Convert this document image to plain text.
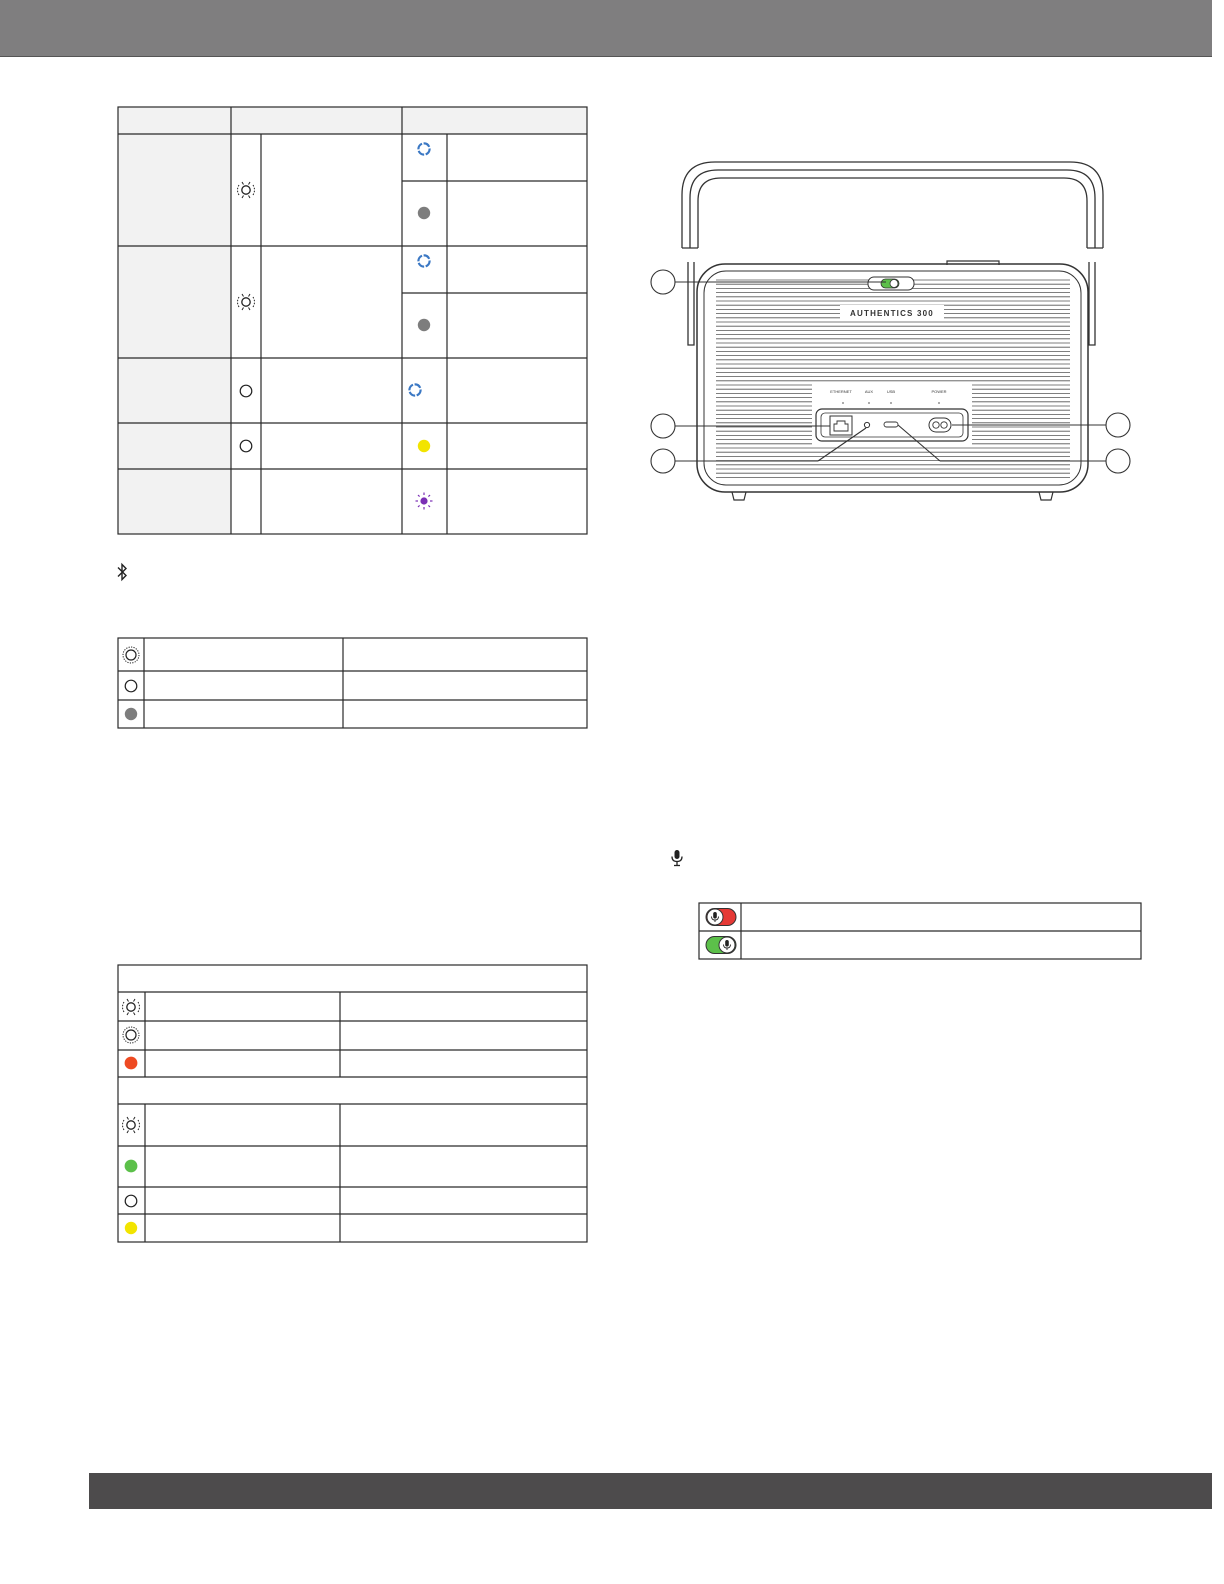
AUTHENTICS 300
ETHERNET	AUX	USB	POWER
